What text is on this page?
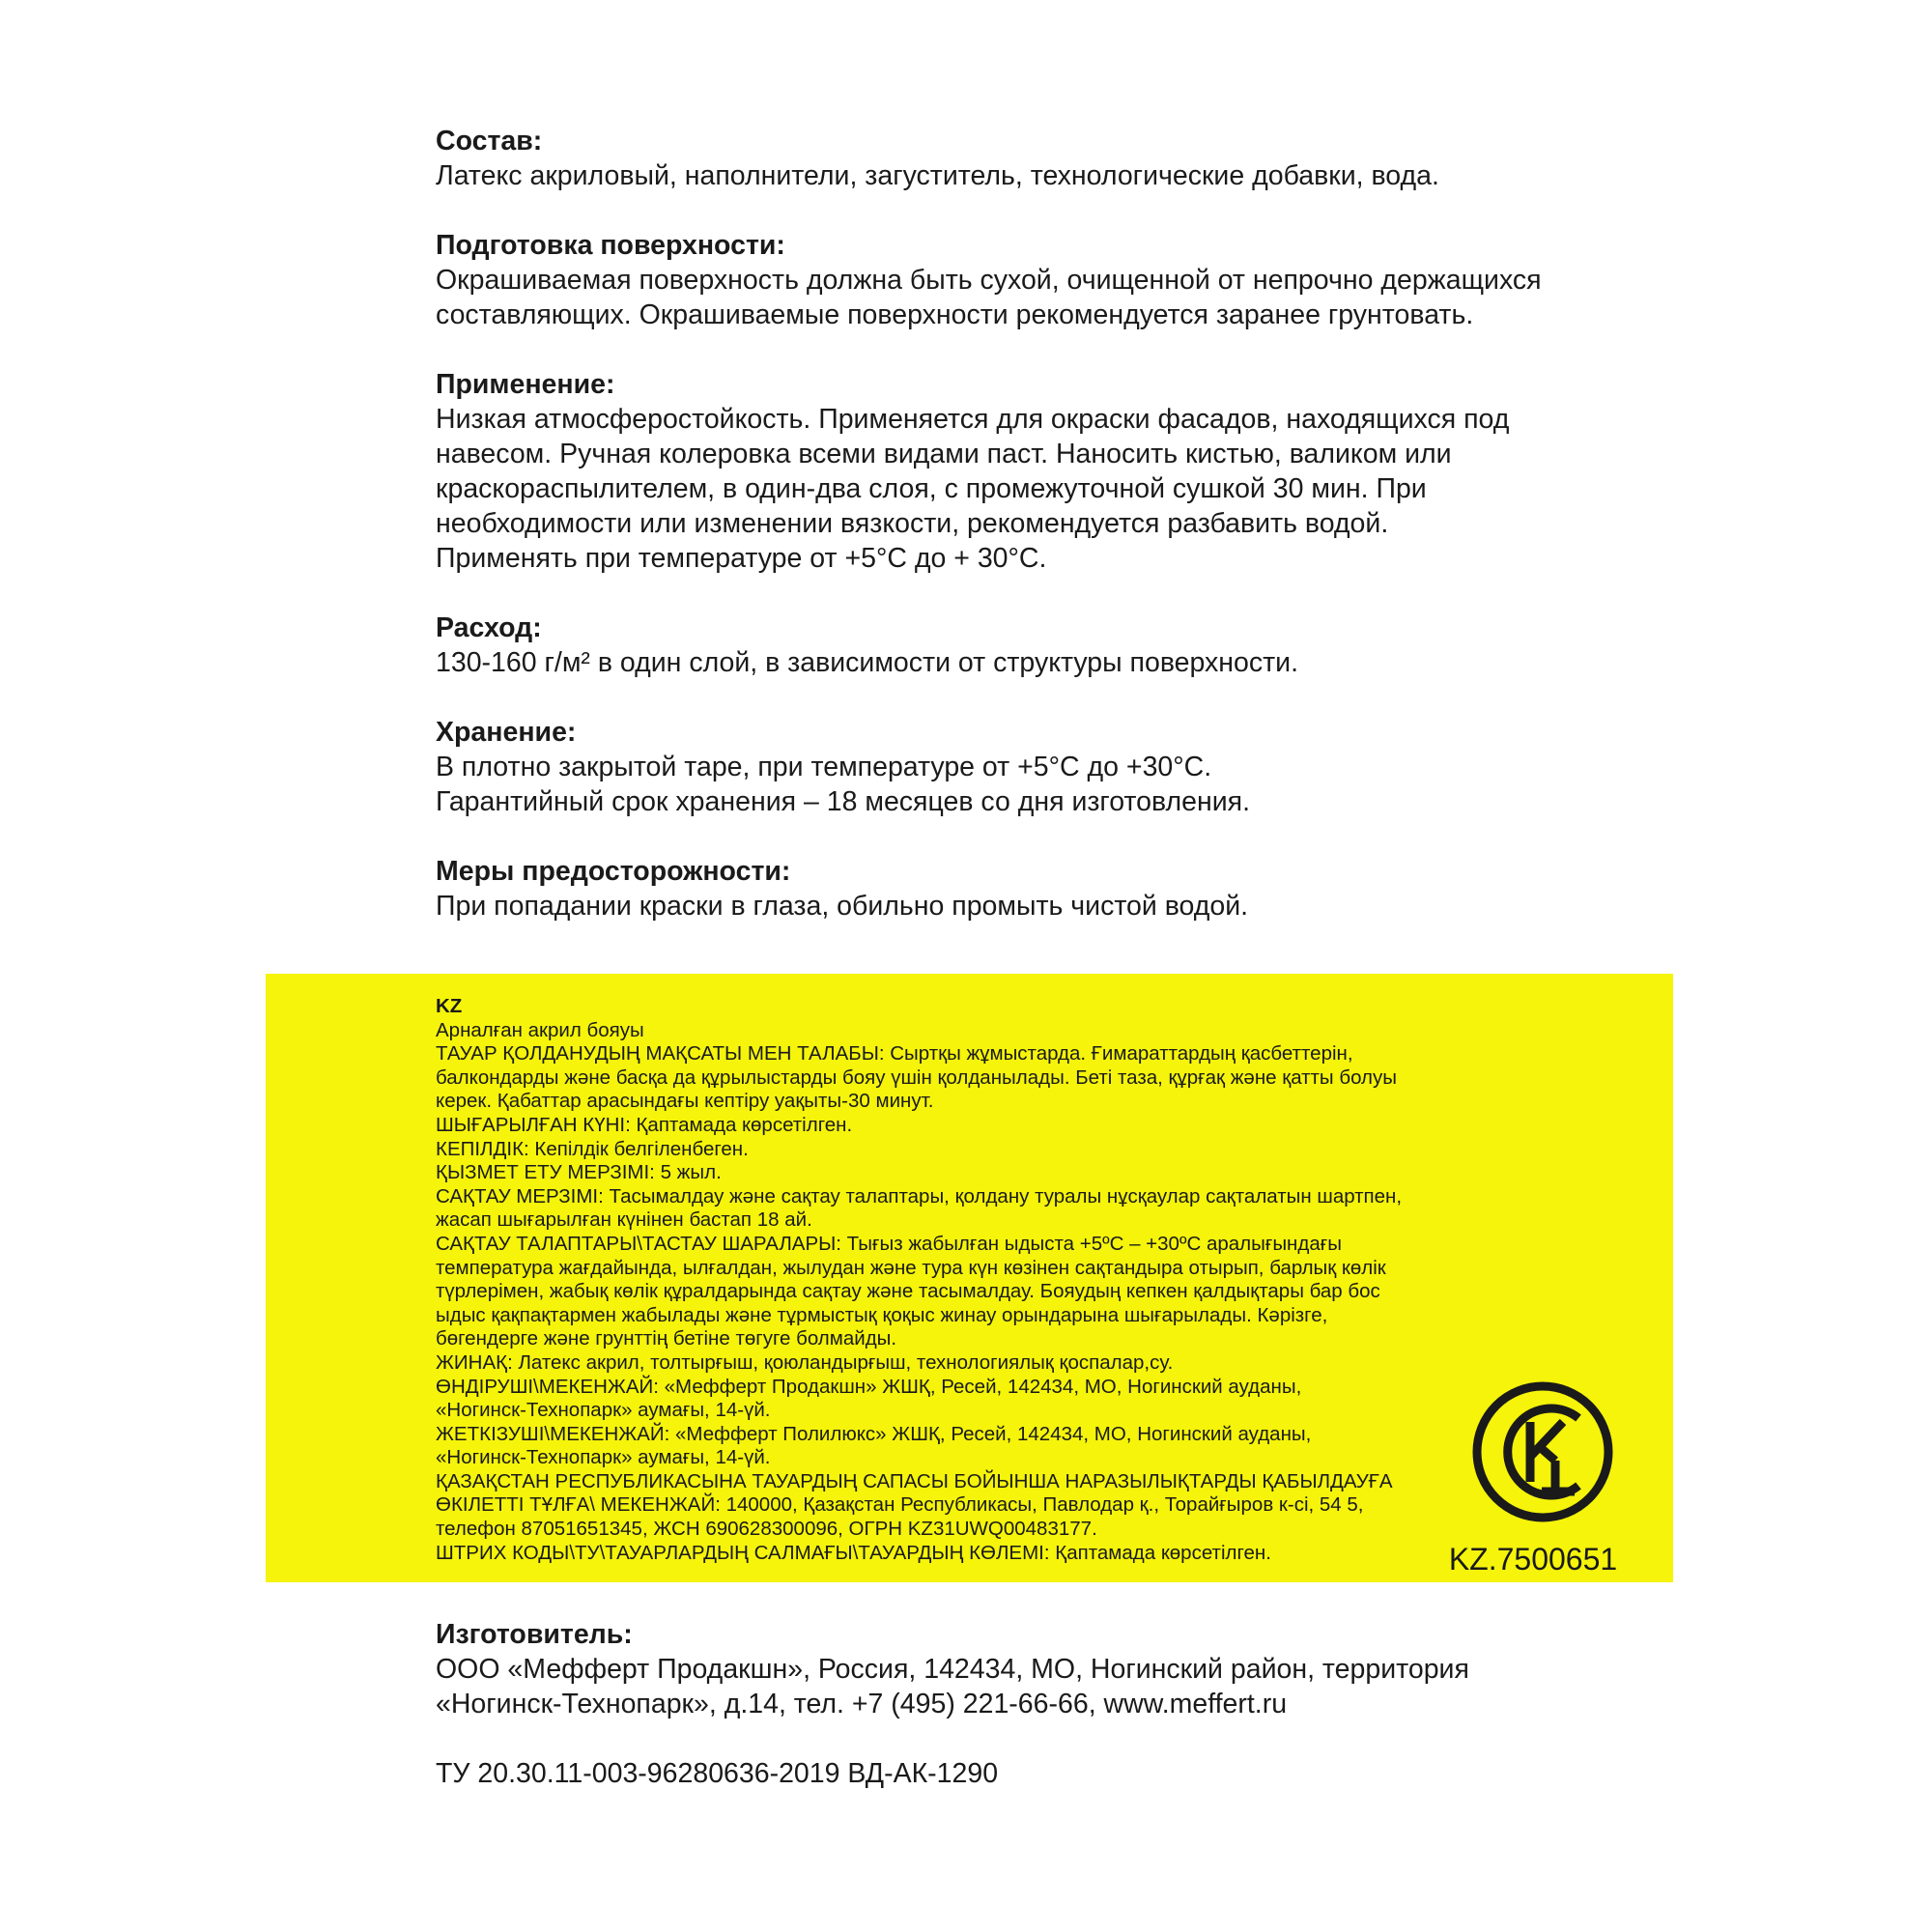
Состав:

Латекс акриловый, наполнители, загуститель, технологические добавки, вода.

Подготовка поверхности:

Окрашиваемая поверхность должна быть сухой, очищенной от непрочно держащихся
составляющих. Окрашиваемые поверхности рекомендуется заранее грунтовать.

Применение:

Низкая атмосферостойкость. Применяется для окраски фасадов, находящихся под
навесом. Ручная колеровка всеми видами паст. Наносить кистью, валиком или
краскораспылителем, в один-два слоя, с промежуточной сушкой 30 мин. При
необходимости или изменении вязкости, рекомендуется разбавить водой.
Применять при температуре от +5°С до + 30°С.

Расход:

130-160 г/м² в один слой, в зависимости от структуры поверхности.

Хранение:

В плотно закрытой таре, при температуре от +5°С до +30°С.
Гарантийный срок хранения – 18 месяцев со дня изготовления.

Меры предосторожности:

При попадании краски в глаза, обильно промыть чистой водой.

KZ

Арналған акрил бояуы

ТАУАР ҚОЛДАНУДЫҢ МАҚСАТЫ МЕН ТАЛАБЫ: Сыртқы жұмыстарда. Ғимараттардың қасбеттерін,
балкондарды және басқа да құрылыстарды бояу үшін қолданылады. Беті таза, құрғақ және қатты болуы
керек. Қабаттар арасындағы кептіру уақыты-30 минут.

ШЫҒАРЫЛҒАН КҮНІ: Қаптамада көрсетілген.

КЕПІЛДІК: Кепілдік белгіленбеген.

ҚЫЗМЕТ ЕТУ МЕРЗІМІ: 5 жыл.

САҚТАУ МЕРЗІМІ: Тасымалдау және сақтау талаптары, қолдану туралы нұсқаулар сақталатын шартпен,
жасап шығарылған күнінен бастап 18 ай.

САҚТАУ ТАЛАПТАРЫ\ТАСТАУ ШАРАЛАРЫ: Тығыз жабылған ыдыста +5ºС – +30ºС аралығындағы
температура жағдайында, ылғалдан, жылудан және тура күн көзінен сақтандыра отырып, барлық көлік
түрлерімен, жабық көлік құралдарында сақтау және тасымалдау. Бояудың кепкен қалдықтары бар бос
ыдыс қақпақтармен жабылады және тұрмыстық қоқыс жинау орындарына шығарылады. Кәрізге,
бөгендерге және грунттің бетіне төгуге болмайды.

ЖИНАҚ: Латекс акрил, толтырғыш, қоюландырғыш, технологиялық қоспалар,су.

ӨНДІРУШІ\МЕКЕНЖАЙ: «Мефферт Продакшн» ЖШҚ, Ресей, 142434, МО, Ногинский ауданы,
«Ногинск-Технопарк» аумағы, 14-үй.

ЖЕТКІЗУШІ\МЕКЕНЖАЙ: «Мефферт Полилюкс» ЖШҚ, Ресей, 142434, МО, Ногинский ауданы,
«Ногинск-Технопарк» аумағы, 14-үй.

ҚАЗАҚСТАН РЕСПУБЛИКАСЫНА ТАУАРДЫҢ САПАСЫ БОЙЫНША НАРАЗЫЛЫҚТАРДЫ ҚАБЫЛДАУҒА
ӨКІЛЕТТІ ТҰЛҒА\ МЕКЕНЖАЙ: 140000, Қазақстан Республикасы, Павлодар қ., Торайғыров к-сі, 54 5,
телефон 87051651345, ЖСН 690628300096, ОГРН KZ31UWQ00483177.

ШТРИХ КОДЫ\ТУ\ТАУАРЛАРДЫҢ САЛМАҒЫ\ТАУАРДЫҢ КӨЛЕМІ: Қаптамада көрсетілген.	KZ.7500651

Изготовитель:

ООО «Мефферт Продакшн», Россия, 142434, МО, Ногинский район, территория
«Ногинск-Технопарк», д.14, тел. +7 (495) 221-66-66, www.meffert.ru

ТУ 20.30.11-003-96280636-2019 ВД-АК-1290
